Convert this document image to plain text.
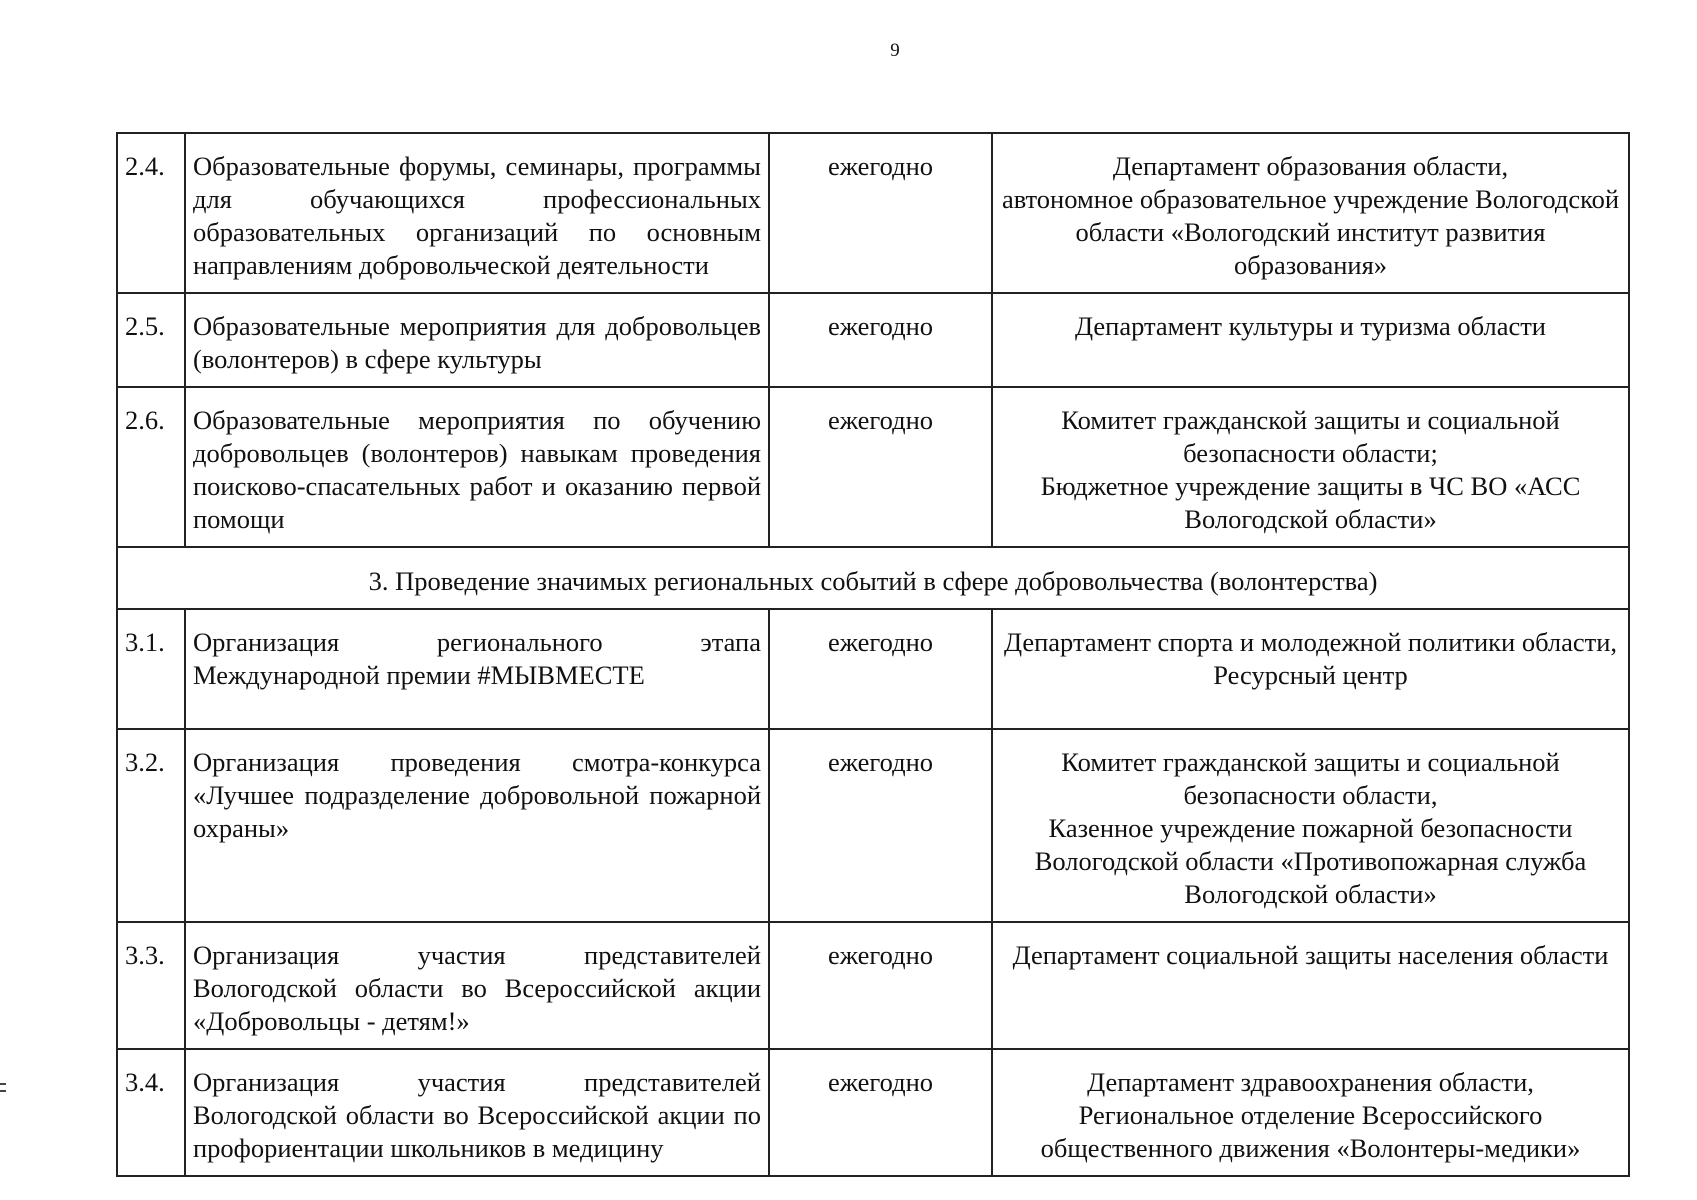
9
2.4.	Образовательные форумы, семинары, программы для обучающихся профессиональных образовательных организаций по основным направлениям добровольческой деятельности	ежегодно	Департамент образования области,
автономное образовательное учреждение Вологодской области «Вологодский институт развития образования»

2.5.	Образовательные мероприятия для добровольцев (волонтеров) в сфере культуры	ежегодно	Департамент культуры и туризма области

2.6.	Образовательные мероприятия по обучению добровольцев (волонтеров) навыкам проведения поисково-спасательных работ и оказанию первой помощи	ежегодно	Комитет гражданской защиты и социальной безопасности области;
Бюджетное учреждение защиты в ЧС ВО «АСС Вологодской области»

3. Проведение значимых региональных событий в сфере добровольчества (волонтерства)			
3.1.	Организация регионального этапа Международной премии #МЫВМЕСТЕ	ежегодно	Департамент спорта и молодежной политики области,
Ресурсный центр

3.2.	Организация проведения смотра-конкурса «Лучшее подразделение добровольной пожарной охраны»	ежегодно	Комитет гражданской защиты и социальной безопасности области,
Казенное учреждение пожарной безопасности Вологодской области «Противопожарная служба Вологодской области»

3.3.	Организация участия представителей Вологодской области во Всероссийской акции «Добровольцы - детям!»	ежегодно	Департамент социальной защиты населения области

3.4.	Организация участия представителей Вологодской области во Всероссийской акции по профориентации школьников в медицину	ежегодно	Департамент здравоохранения области,
Региональное отделение Всероссийского общественного движения «Волонтеры-медики»
